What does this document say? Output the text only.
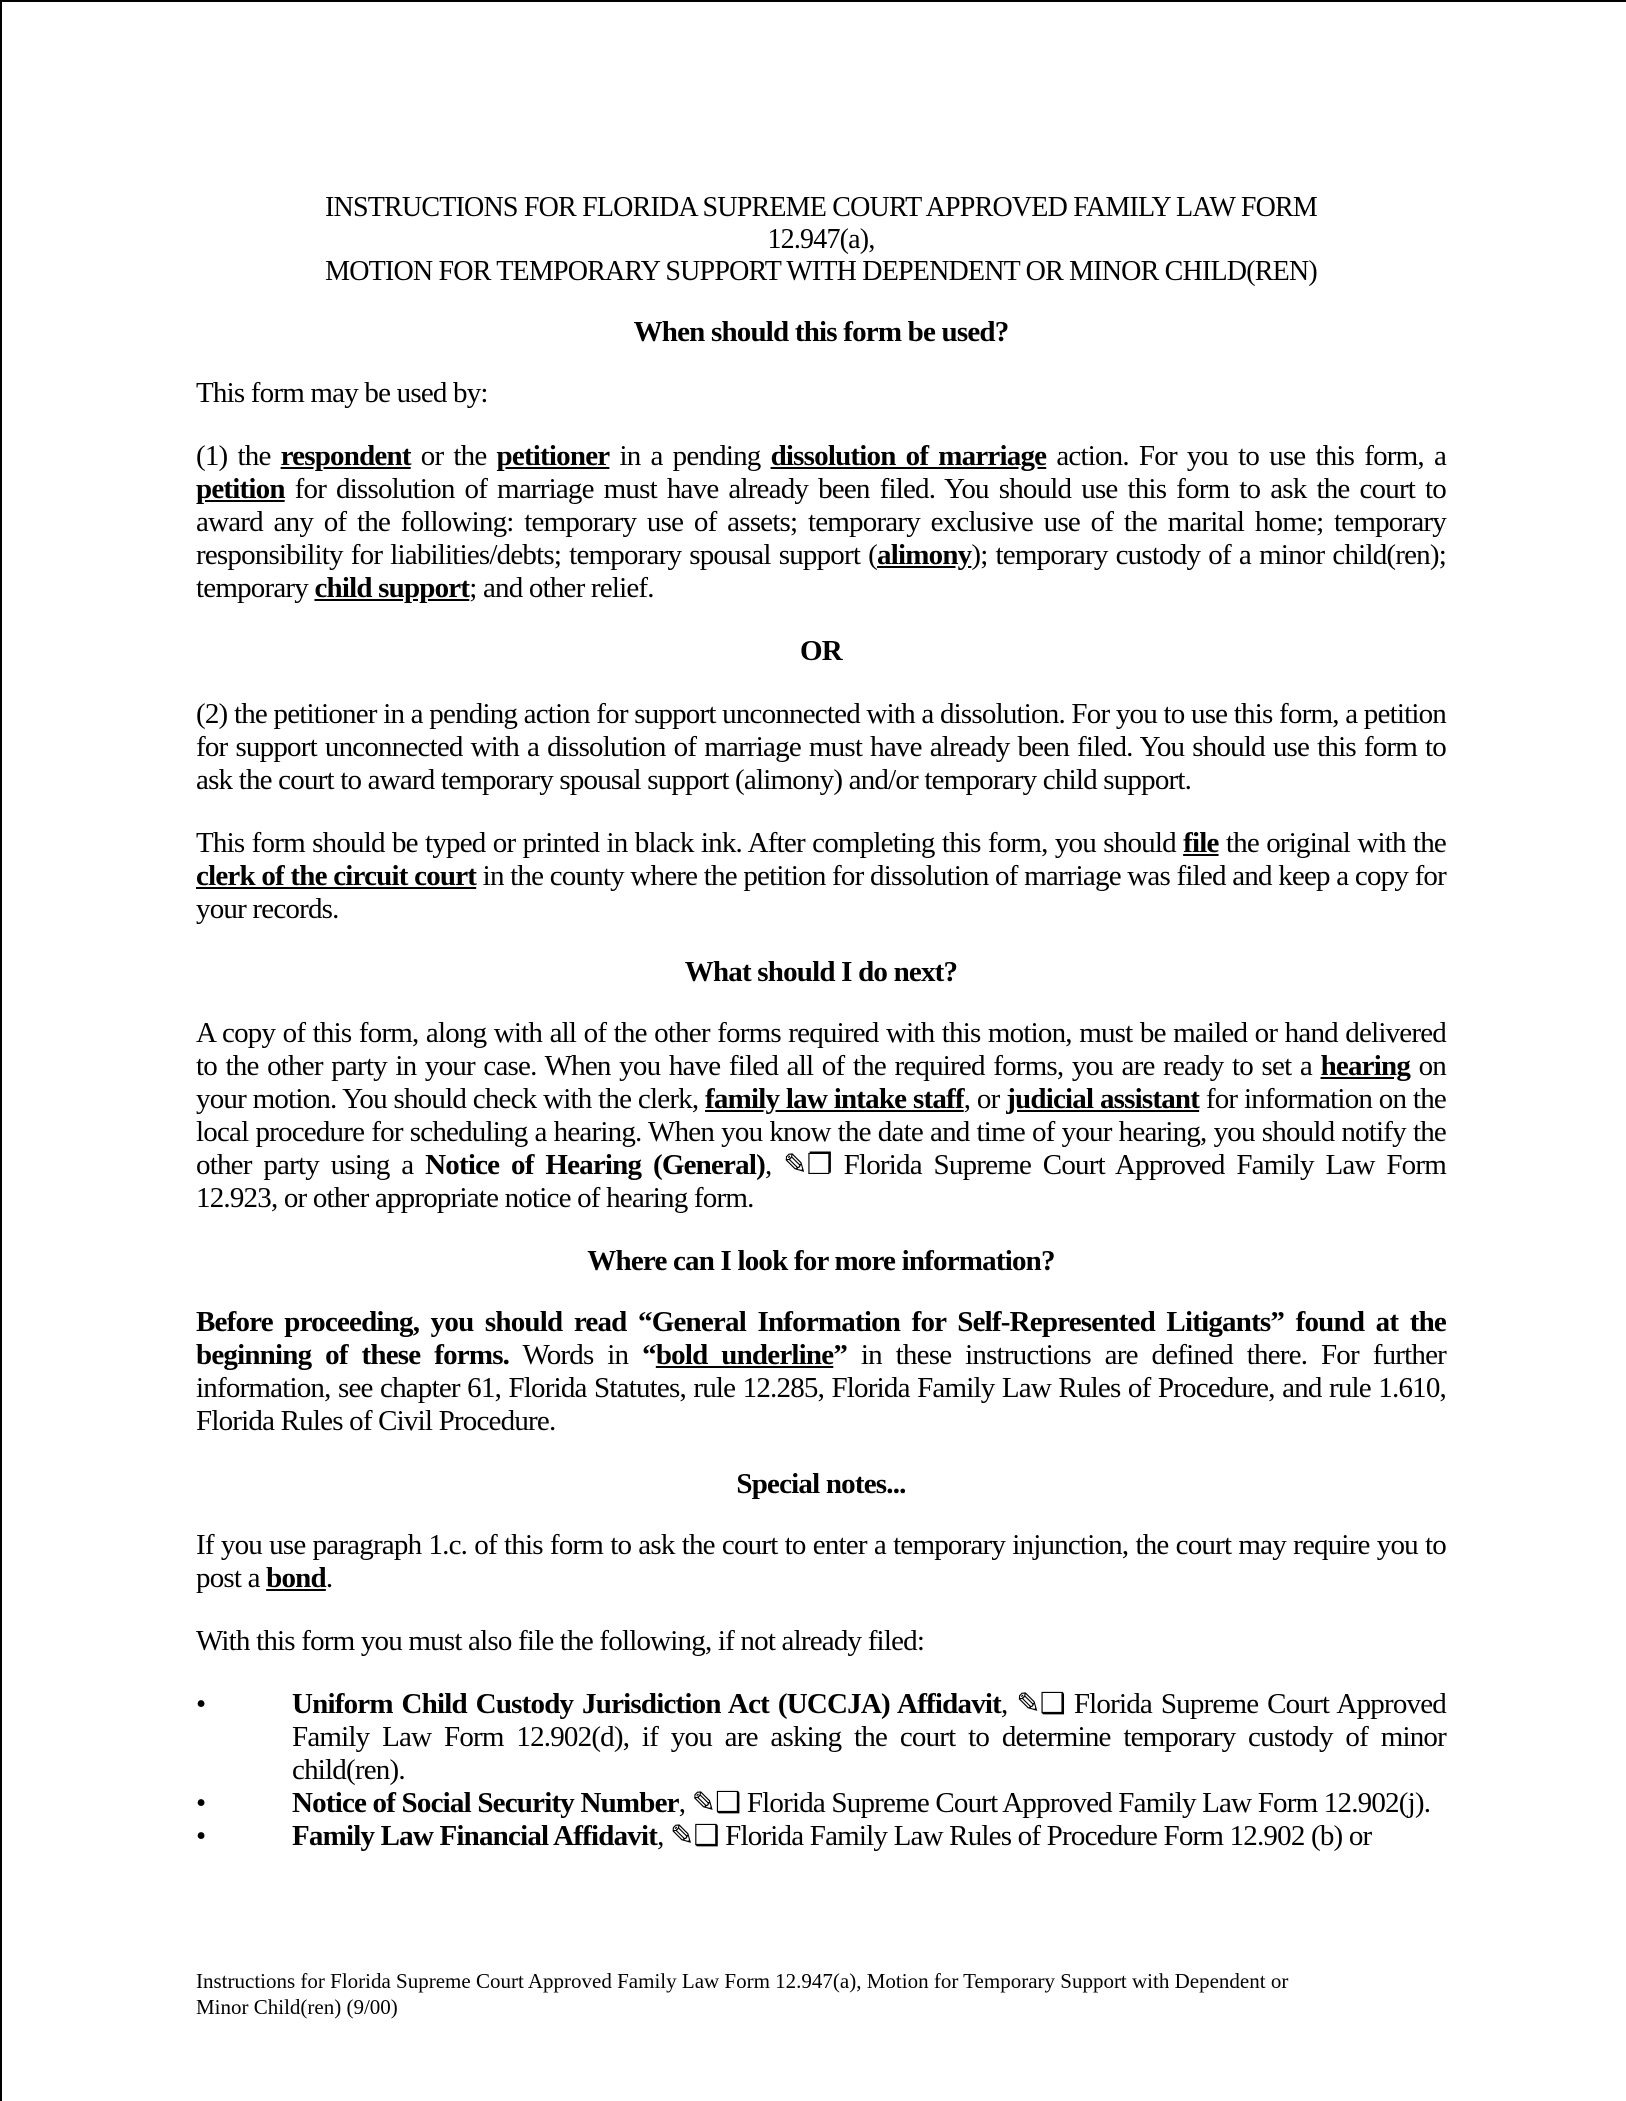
INSTRUCTIONS FOR FLORIDA SUPREME COURT APPROVED FAMILY LAW FORM
12.947(a),
MOTION FOR TEMPORARY SUPPORT WITH DEPENDENT OR MINOR CHILD(REN)
When should this form be used?

This form may be used by:

(1) the respondent or the petitioner in a pending dissolution of marriage action. For you to use this form, a petition for dissolution of marriage must have already been filed. You should use this form to ask the court to award any of the following: temporary use of assets; temporary exclusive use of the marital home; temporary responsibility for liabilities/debts; temporary spousal support (alimony); temporary custody of a minor child(ren); temporary child support; and other relief.

OR

(2) the petitioner in a pending action for support unconnected with a dissolution. For you to use this form, a petition for support unconnected with a dissolution of marriage must have already been filed. You should use this form to ask the court to award temporary spousal support (alimony) and/or temporary child support.

This form should be typed or printed in black ink. After completing this form, you should file the original with the clerk of the circuit court in the county where the petition for dissolution of marriage was filed and keep a copy for your records.

What should I do next?

A copy of this form, along with all of the other forms required with this motion, must be mailed or hand delivered to the other party in your case. When you have filed all of the required forms, you are ready to set a hearing on your motion. You should check with the clerk, family law intake staff, or judicial assistant for information on the local procedure for scheduling a hearing. When you know the date and time of your hearing, you should notify the other party using a Notice of Hearing (General), ✎❐ Florida Supreme Court Approved Family Law Form 12.923, or other appropriate notice of hearing form.

Where can I look for more information?

Before proceeding, you should read “General Information for Self-Represented Litigants” found at the beginning of these forms. Words in “bold underline” in these instructions are defined there. For further information, see chapter 61, Florida Statutes, rule 12.285, Florida Family Law Rules of Procedure, and rule 1.610, Florida Rules of Civil Procedure.

Special notes...

If you use paragraph 1.c. of this form to ask the court to enter a temporary injunction, the court may require you to post a bond.

With this form you must also file the following, if not already filed:

•	Uniform Child Custody Jurisdiction Act (UCCJA) Affidavit, ✎❑ Florida Supreme Court Approved Family Law Form 12.902(d), if you are asking the court to determine temporary custody of minor child(ren).
•	Notice of Social Security Number, ✎❑ Florida Supreme Court Approved Family Law Form 12.902(j).
•	Family Law Financial Affidavit, ✎❑ Florida Family Law Rules of Procedure Form 12.902 (b) or
Instructions for Florida Supreme Court Approved Family Law Form 12.947(a), Motion for Temporary Support with Dependent or
Minor Child(ren) (9/00)
